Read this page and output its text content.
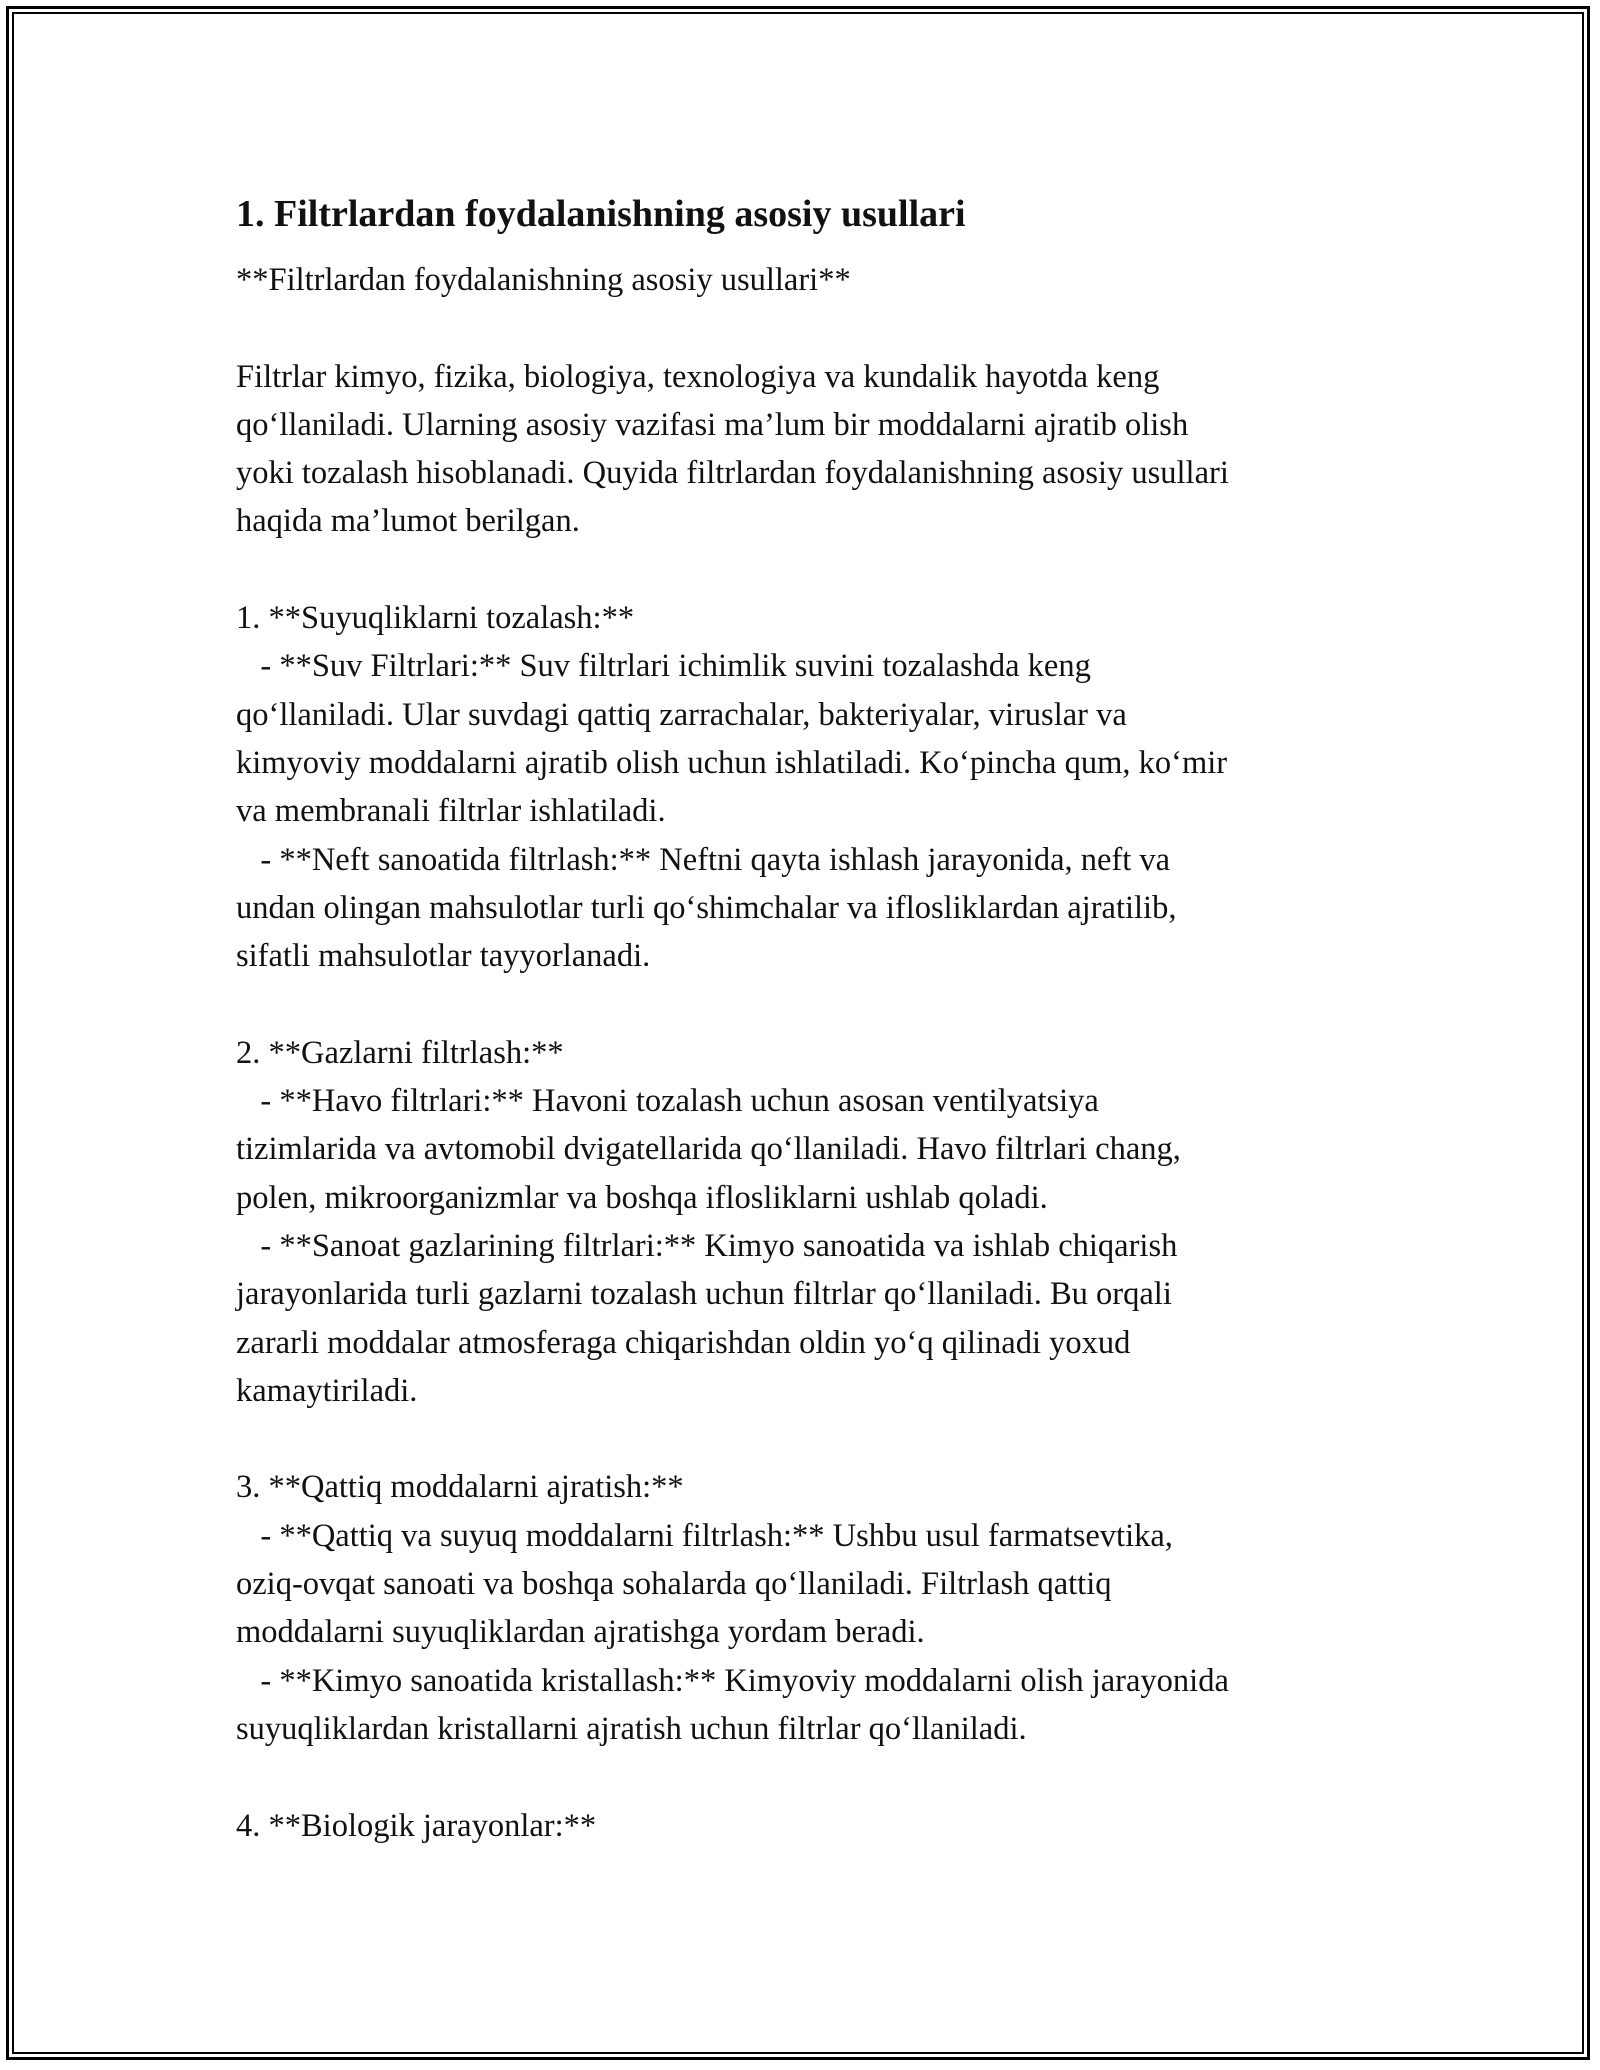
1. Filtrlardan foydalanishning asosiy usullari
**Filtrlardan foydalanishning asosiy usullari**
Filtrlar kimyo, fizika, biologiya, texnologiya va kundalik hayotda keng
qo‘llaniladi. Ularning asosiy vazifasi ma’lum bir moddalarni ajratib olish
yoki tozalash hisoblanadi. Quyida filtrlardan foydalanishning asosiy usullari
haqida ma’lumot berilgan.
1. **Suyuqliklarni tozalash:**
- **Suv Filtrlari:** Suv filtrlari ichimlik suvini tozalashda keng
qo‘llaniladi. Ular suvdagi qattiq zarrachalar, bakteriyalar, viruslar va
kimyoviy moddalarni ajratib olish uchun ishlatiladi. Ko‘pincha qum, ko‘mir
va membranali filtrlar ishlatiladi.
- **Neft sanoatida filtrlash:** Neftni qayta ishlash jarayonida, neft va
undan olingan mahsulotlar turli qo‘shimchalar va iflosliklardan ajratilib,
sifatli mahsulotlar tayyorlanadi.
2. **Gazlarni filtrlash:**
- **Havo filtrlari:** Havoni tozalash uchun asosan ventilyatsiya
tizimlarida va avtomobil dvigatellarida qo‘llaniladi. Havo filtrlari chang,
polen, mikroorganizmlar va boshqa iflosliklarni ushlab qoladi.
- **Sanoat gazlarining filtrlari:** Kimyo sanoatida va ishlab chiqarish
jarayonlarida turli gazlarni tozalash uchun filtrlar qo‘llaniladi. Bu orqali
zararli moddalar atmosferaga chiqarishdan oldin yo‘q qilinadi yoxud
kamaytiriladi.
3. **Qattiq moddalarni ajratish:**
- **Qattiq va suyuq moddalarni filtrlash:** Ushbu usul farmatsevtika,
oziq-ovqat sanoati va boshqa sohalarda qo‘llaniladi. Filtrlash qattiq
moddalarni suyuqliklardan ajratishga yordam beradi.
- **Kimyo sanoatida kristallash:** Kimyoviy moddalarni olish jarayonida
suyuqliklardan kristallarni ajratish uchun filtrlar qo‘llaniladi.
4. **Biologik jarayonlar:**
